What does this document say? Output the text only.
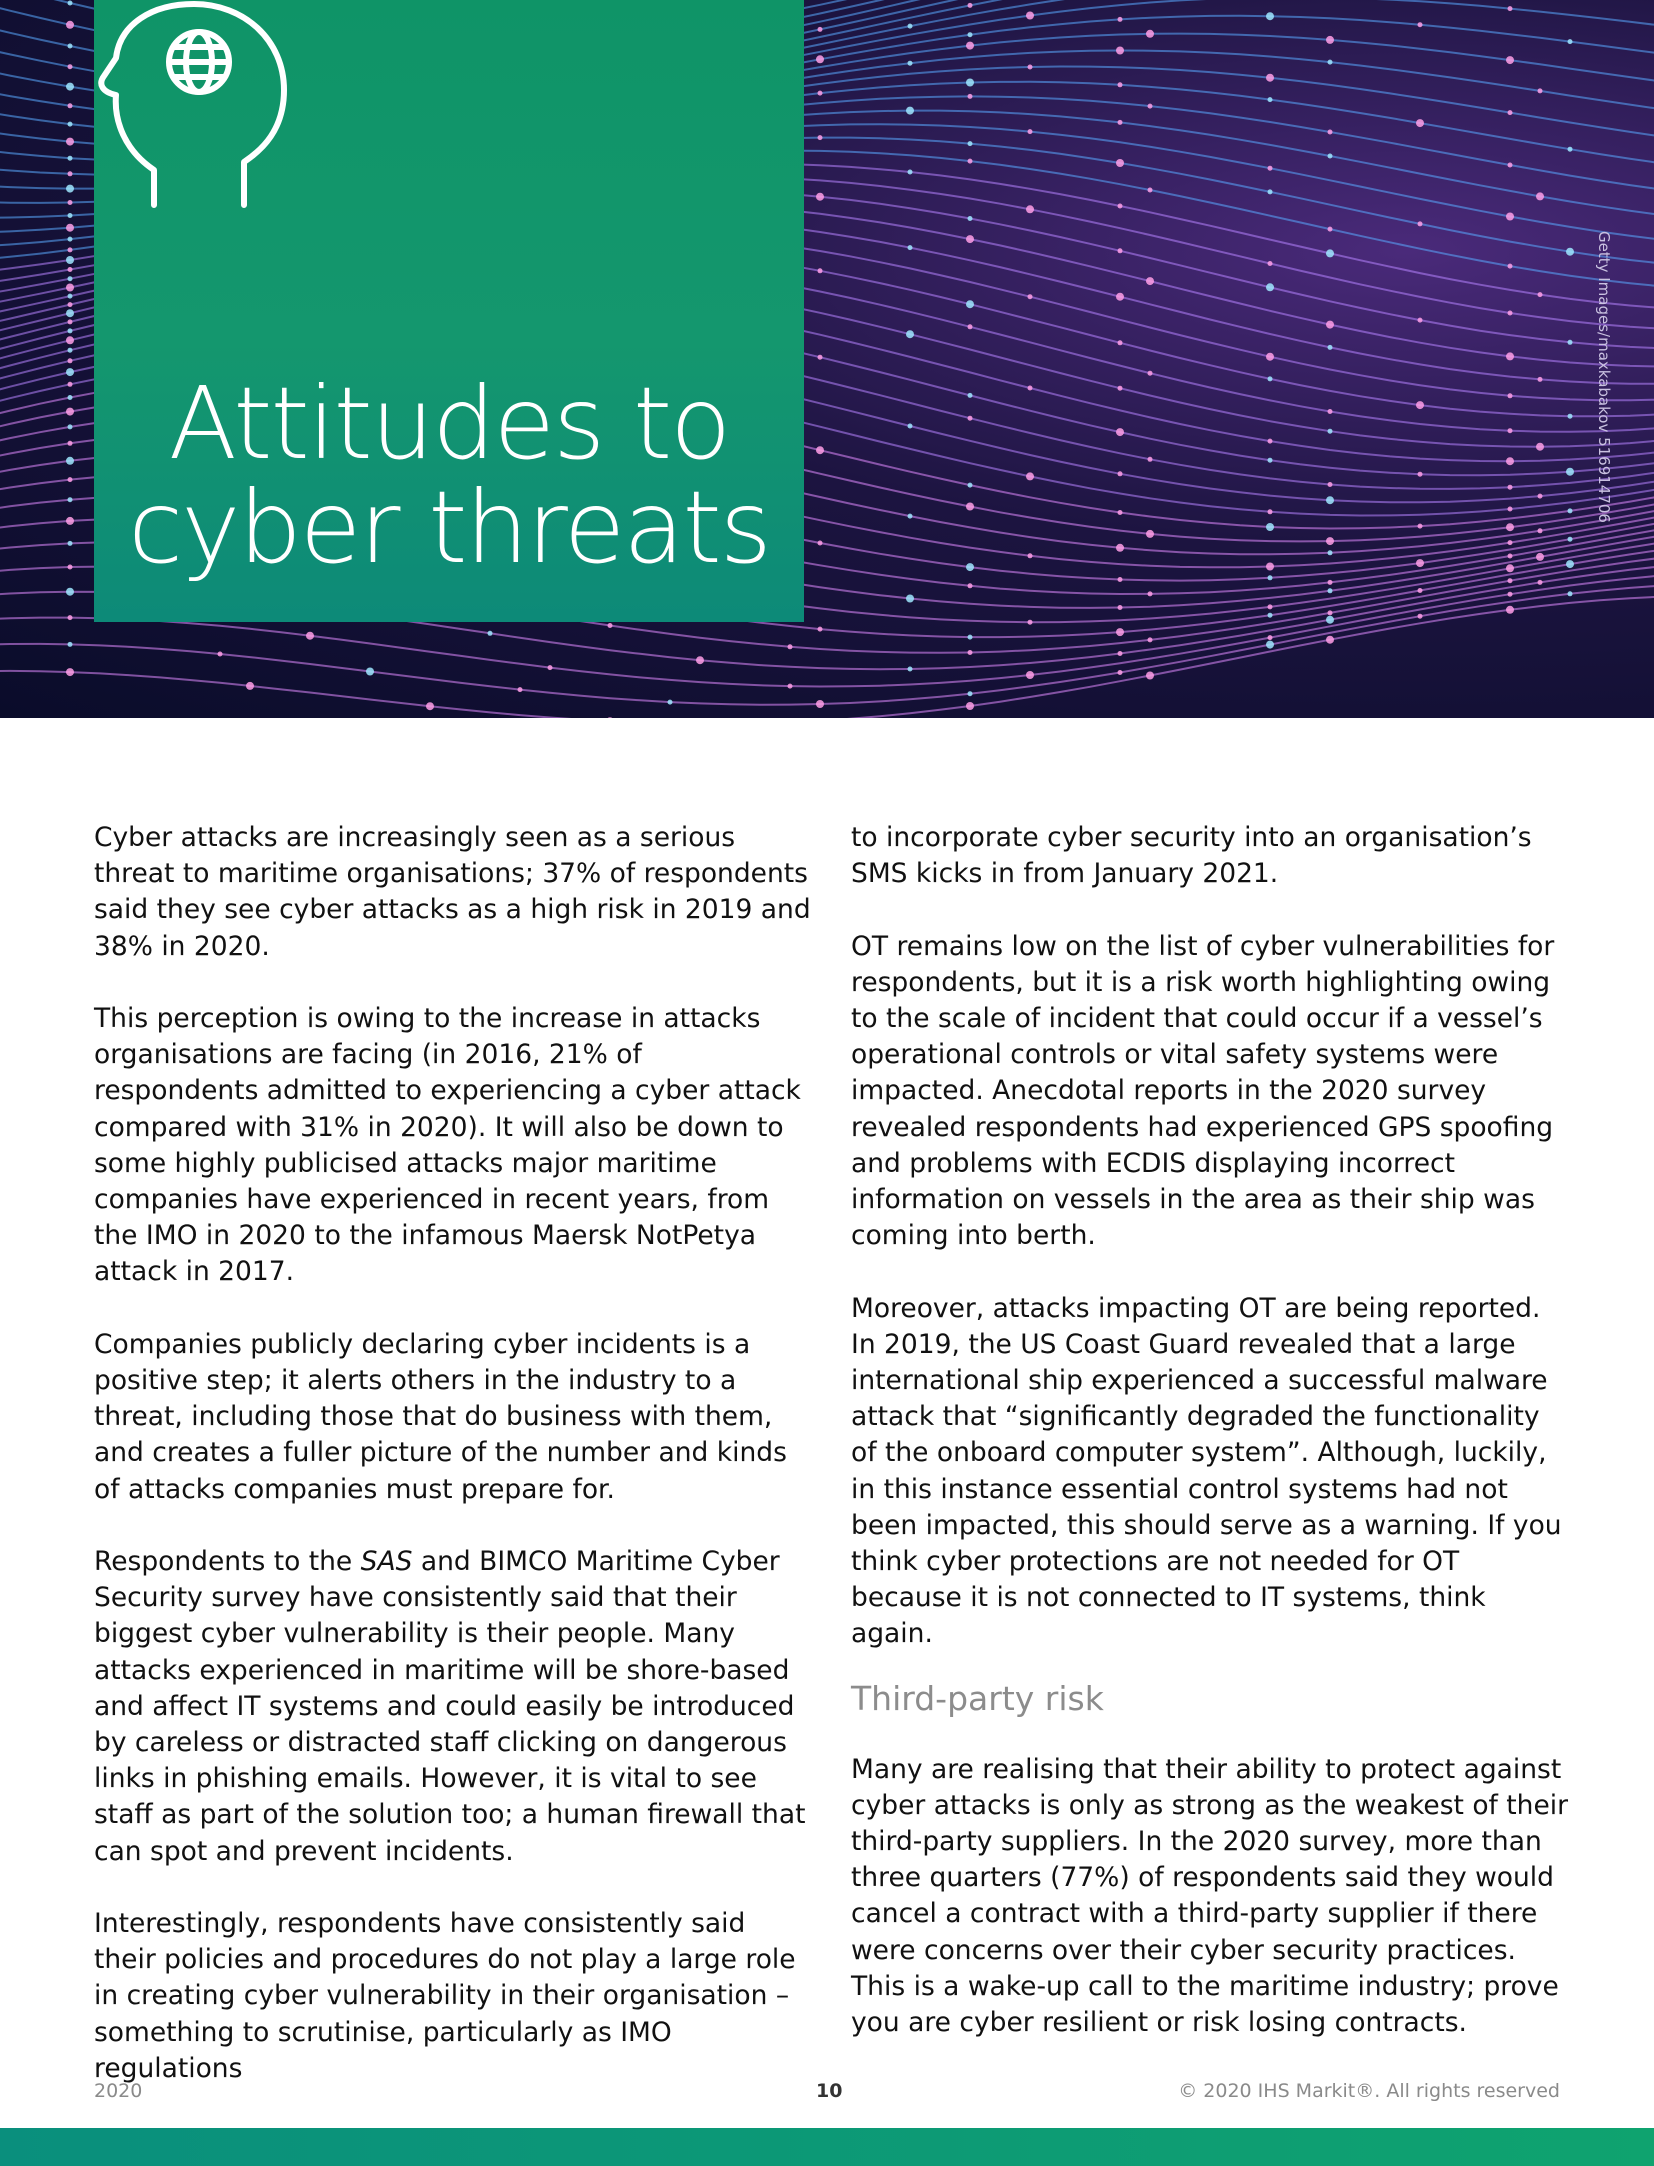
Attitudes to
cyber threats
Getty Images/maxkabakov 516914706

Cyber attacks are increasingly seen as a serious threat to maritime organisations; 37% of respondents said they see cyber attacks as a high risk in 2019 and 38% in 2020.

This perception is owing to the increase in attacks organisations are facing (in 2016, 21% of respondents admitted to experiencing a cyber attack compared with 31% in 2020). It will also be down to some highly publicised attacks major maritime companies have experienced in recent years, from the IMO in 2020 to the infamous Maersk NotPetya attack in 2017.

Companies publicly declaring cyber incidents is a positive step; it alerts others in the industry to a threat, including those that do business with them, and creates a fuller picture of the number and kinds of attacks companies must prepare for.

Respondents to the SAS and BIMCO Maritime Cyber Security survey have consistently said that their biggest cyber vulnerability is their people. Many attacks experienced in maritime will be shore-based and affect IT systems and could easily be introduced by careless or distracted staff clicking on dangerous links in phishing emails. However, it is vital to see staff as part of the solution too; a human firewall that can spot and prevent incidents.

Interestingly, respondents have consistently said their policies and procedures do not play a large role in creating cyber vulnerability in their organisation – something to scrutinise, particularly as IMO regulations

to incorporate cyber security into an organisation’s SMS kicks in from January 2021.

OT remains low on the list of cyber vulnerabilities for respondents, but it is a risk worth highlighting owing to the scale of incident that could occur if a vessel’s operational controls or vital safety systems were impacted. Anecdotal reports in the 2020 survey revealed respondents had experienced GPS spoofing and problems with ECDIS displaying incorrect information on vessels in the area as their ship was coming into berth.

Moreover, attacks impacting OT are being reported. In 2019, the US Coast Guard revealed that a large international ship experienced a successful malware attack that “significantly degraded the functionality of the onboard computer system”. Although, luckily, in this instance essential control systems had not been impacted, this should serve as a warning. If you think cyber protections are not needed for OT because it is not connected to IT systems, think again.

Third-party risk

Many are realising that their ability to protect against cyber attacks is only as strong as the weakest of their third-party suppliers. In the 2020 survey, more than three quarters (77%) of respondents said they would cancel a contract with a third-party supplier if there were concerns over their cyber security practices. This is a wake-up call to the maritime industry; prove you are cyber resilient or risk losing contracts.

2020	10	© 2020 IHS Markit®. All rights reserved
